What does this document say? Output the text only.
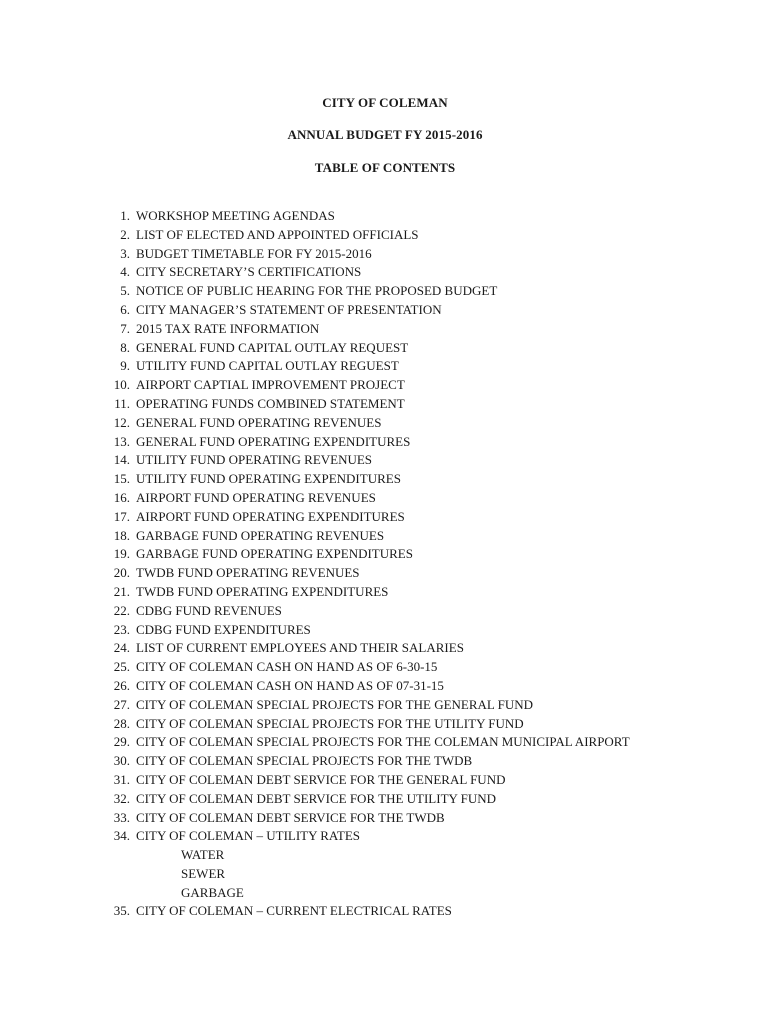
CITY OF COLEMAN
ANNUAL BUDGET FY 2015-2016
TABLE OF CONTENTS
1. WORKSHOP MEETING AGENDAS
2. LIST OF ELECTED AND APPOINTED OFFICIALS
3. BUDGET TIMETABLE FOR FY 2015-2016
4. CITY SECRETARY’S CERTIFICATIONS
5. NOTICE OF PUBLIC HEARING FOR THE PROPOSED BUDGET
6. CITY MANAGER’S STATEMENT OF PRESENTATION
7. 2015 TAX RATE INFORMATION
8. GENERAL FUND CAPITAL OUTLAY REQUEST
9. UTILITY FUND CAPITAL OUTLAY REGUEST
10. AIRPORT CAPTIAL IMPROVEMENT PROJECT
11. OPERATING FUNDS COMBINED STATEMENT
12. GENERAL FUND OPERATING REVENUES
13. GENERAL FUND OPERATING EXPENDITURES
14. UTILITY FUND OPERATING REVENUES
15. UTILITY FUND OPERATING EXPENDITURES
16. AIRPORT FUND OPERATING REVENUES
17. AIRPORT FUND OPERATING EXPENDITURES
18. GARBAGE FUND OPERATING REVENUES
19. GARBAGE FUND OPERATING EXPENDITURES
20. TWDB FUND OPERATING REVENUES
21. TWDB FUND OPERATING EXPENDITURES
22. CDBG FUND REVENUES
23. CDBG FUND EXPENDITURES
24. LIST OF CURRENT EMPLOYEES AND THEIR SALARIES
25. CITY OF COLEMAN CASH ON HAND AS OF 6-30-15
26. CITY OF COLEMAN CASH ON HAND AS OF 07-31-15
27. CITY OF COLEMAN SPECIAL PROJECTS FOR THE GENERAL FUND
28. CITY OF COLEMAN SPECIAL PROJECTS FOR THE UTILITY FUND
29. CITY OF COLEMAN SPECIAL PROJECTS FOR THE COLEMAN MUNICIPAL AIRPORT
30. CITY OF COLEMAN SPECIAL PROJECTS FOR THE TWDB
31. CITY OF COLEMAN DEBT SERVICE FOR THE GENERAL FUND
32. CITY OF COLEMAN DEBT SERVICE FOR THE UTILITY FUND
33. CITY OF COLEMAN DEBT SERVICE FOR THE TWDB
34. CITY OF COLEMAN – UTILITY RATES
WATER
SEWER
GARBAGE
35. CITY OF COLEMAN – CURRENT ELECTRICAL RATES
